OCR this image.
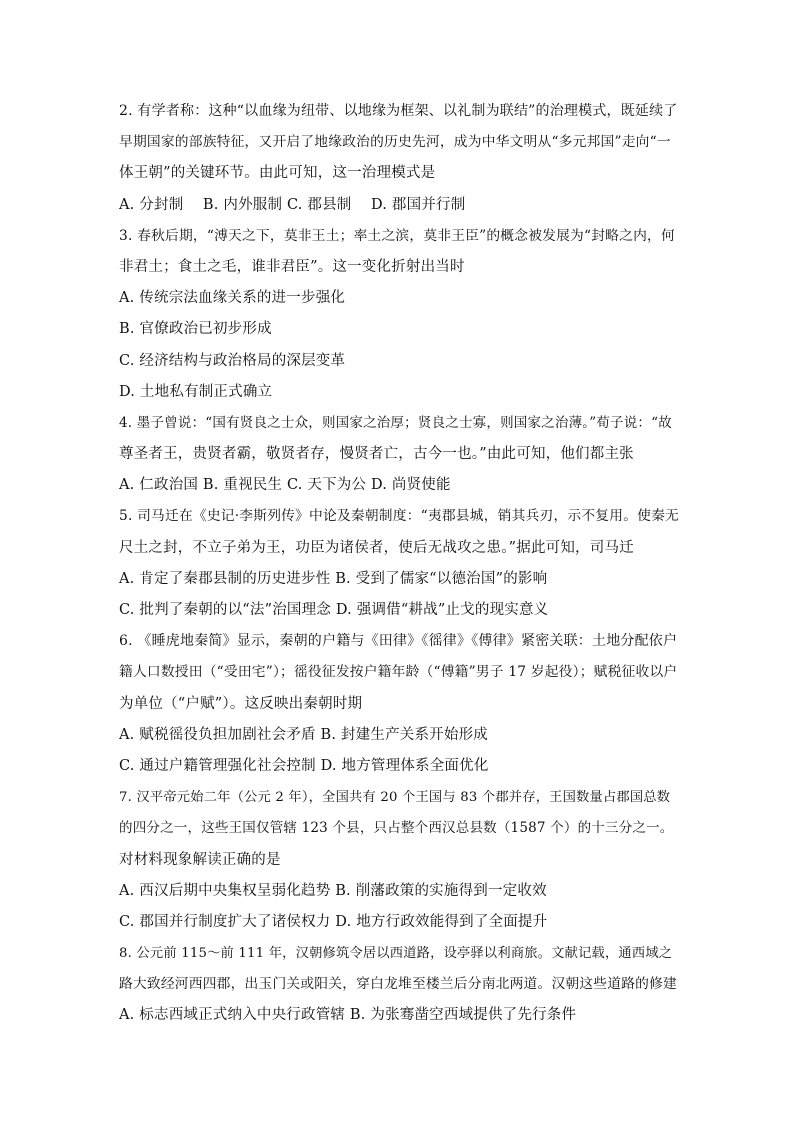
2. 有学者称：这种“以血缘为纽带、以地缘为框架、以礼制为联结”的治理模式，既延续了
早期国家的部族特征，又开启了地缘政治的历史先河，成为中华文明从“多元邦国”走向“一
体王朝”的关键环节。由此可知，这一治理模式是
A. 分封制　 B. 内外服制 C. 郡县制　 D. 郡国并行制
3. 春秋后期，“溥天之下，莫非王土；率土之滨，莫非王臣”的概念被发展为“封略之内，何
非君土；食土之毛，谁非君臣”。这一变化折射出当时
A. 传统宗法血缘关系的进一步强化
B. 官僚政治已初步形成
C. 经济结构与政治格局的深层变革
D. 土地私有制正式确立
4. 墨子曾说：“国有贤良之士众，则国家之治厚；贤良之士寡，则国家之治薄。”荀子说：“故
尊圣者王，贵贤者霸，敬贤者存，慢贤者亡，古今一也。”由此可知，他们都主张
A. 仁政治国 B. 重视民生 C. 天下为公 D. 尚贤使能
5. 司马迁在《史记·李斯列传》中论及秦朝制度：“夷郡县城，销其兵刃，示不复用。使秦无
尺土之封，不立子弟为王，功臣为诸侯者，使后无战攻之患。”据此可知，司马迁
A. 肯定了秦郡县制的历史进步性 B. 受到了儒家“以德治国”的影响
C. 批判了秦朝的以“法”治国理念 D. 强调借“耕战”止戈的现实意义
6. 《睡虎地秦简》显示，秦朝的户籍与《田律》《徭律》《傅律》紧密关联：土地分配依户
籍人口数授田（“受田宅”）；徭役征发按户籍年龄（“傅籍”男子 17 岁起役）；赋税征收以户
为单位（“户赋”）。这反映出秦朝时期
A. 赋税徭役负担加剧社会矛盾 B. 封建生产关系开始形成
C. 通过户籍管理强化社会控制 D. 地方管理体系全面优化
7. 汉平帝元始二年（公元 2 年），全国共有 20 个王国与 83 个郡并存，王国数量占郡国总数
的四分之一，这些王国仅管辖 123 个县，只占整个西汉总县数（1587 个）的十三分之一。
对材料现象解读正确的是
A. 西汉后期中央集权呈弱化趋势 B. 削藩政策的实施得到一定收效
C. 郡国并行制度扩大了诸侯权力 D. 地方行政效能得到了全面提升
8. 公元前 115～前 111 年，汉朝修筑令居以西道路，设亭驿以利商旅。文献记载，通西域之
路大致经河西四郡，出玉门关或阳关，穿白龙堆至楼兰后分南北两道。汉朝这些道路的修建
A. 标志西域正式纳入中央行政管辖 B. 为张骞凿空西域提供了先行条件
